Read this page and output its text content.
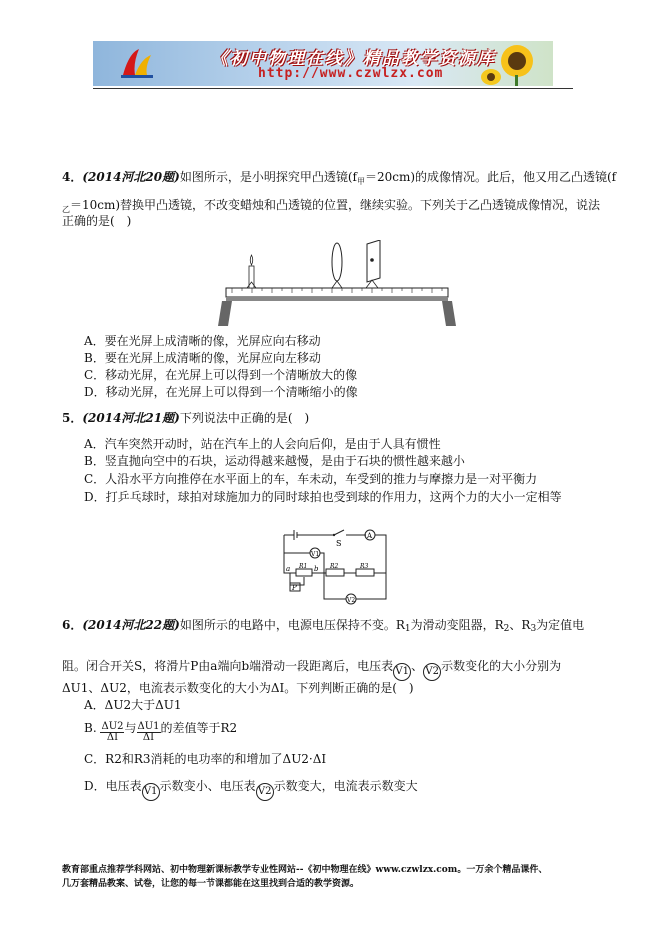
《初中物理在线》精品教学资源库
http://www.czwlzx.com
4．(2014河北20题)如图所示，是小明探究甲凸透镜$(f_甲=20cm)$的成像情况。此后，他又用乙凸透镜(f
$_乙$＝10cm)替换甲凸透镜，不改变蜡烛和凸透镜的位置，继续实验。下列关于乙凸透镜成像情况，说法
正确的是(　)
A．要在光屏上成清晰的像，光屏应向右移动
B．要在光屏上成清晰的像，光屏应向左移动
C．移动光屏，在光屏上可以得到一个清晰放大的像
D．移动光屏，在光屏上可以得到一个清晰缩小的像
5．(2014河北21题)下列说法中正确的是(　)
A．汽车突然开动时，站在汽车上的人会向后仰，是由于人具有惯性
B．竖直抛向空中的石块，运动得越来越慢，是由于石块的惯性越来越小
C．人沿水平方向推停在水平面上的车，车未动，车受到的推力与摩擦力是一对平衡力
D．打乒乓球时，球拍对球施加力的同时球拍也受到球的作用力，这两个力的大小一定相等
S
A
V1
V2
R1	R2	R3
a	b
P
6．(2014河北22题)如图所示的电路中，电源电压保持不变。R1为滑动变阻器，R2、R3为定值电
阻。闭合开关S，将滑片P由a端向b端滑动一段距离后，电压表 V1 、 V2 示数变化的大小分别为
ΔU1、ΔU2，电流表示数变化的大小为ΔI。下列判断正确的是(　)
A．ΔU2大于ΔU1
B. $\frac{\Delta U2}{\Delta I}$ 与 $\frac{\Delta U1}{\Delta I}$ 的差值等于R2
C．R2和R3消耗的电功率的和增加了ΔU2·ΔI
D．电压表 V1 示数变小、电压表 V2 示数变大，电流表示数变大
教育部重点推荐学科网站、初中物理新课标教学专业性网站--《初中物理在线》www.czwlzx.com。一万余个精品课件、
几万套精品教案、试卷，让您的每一节课都能在这里找到合适的教学资源。
